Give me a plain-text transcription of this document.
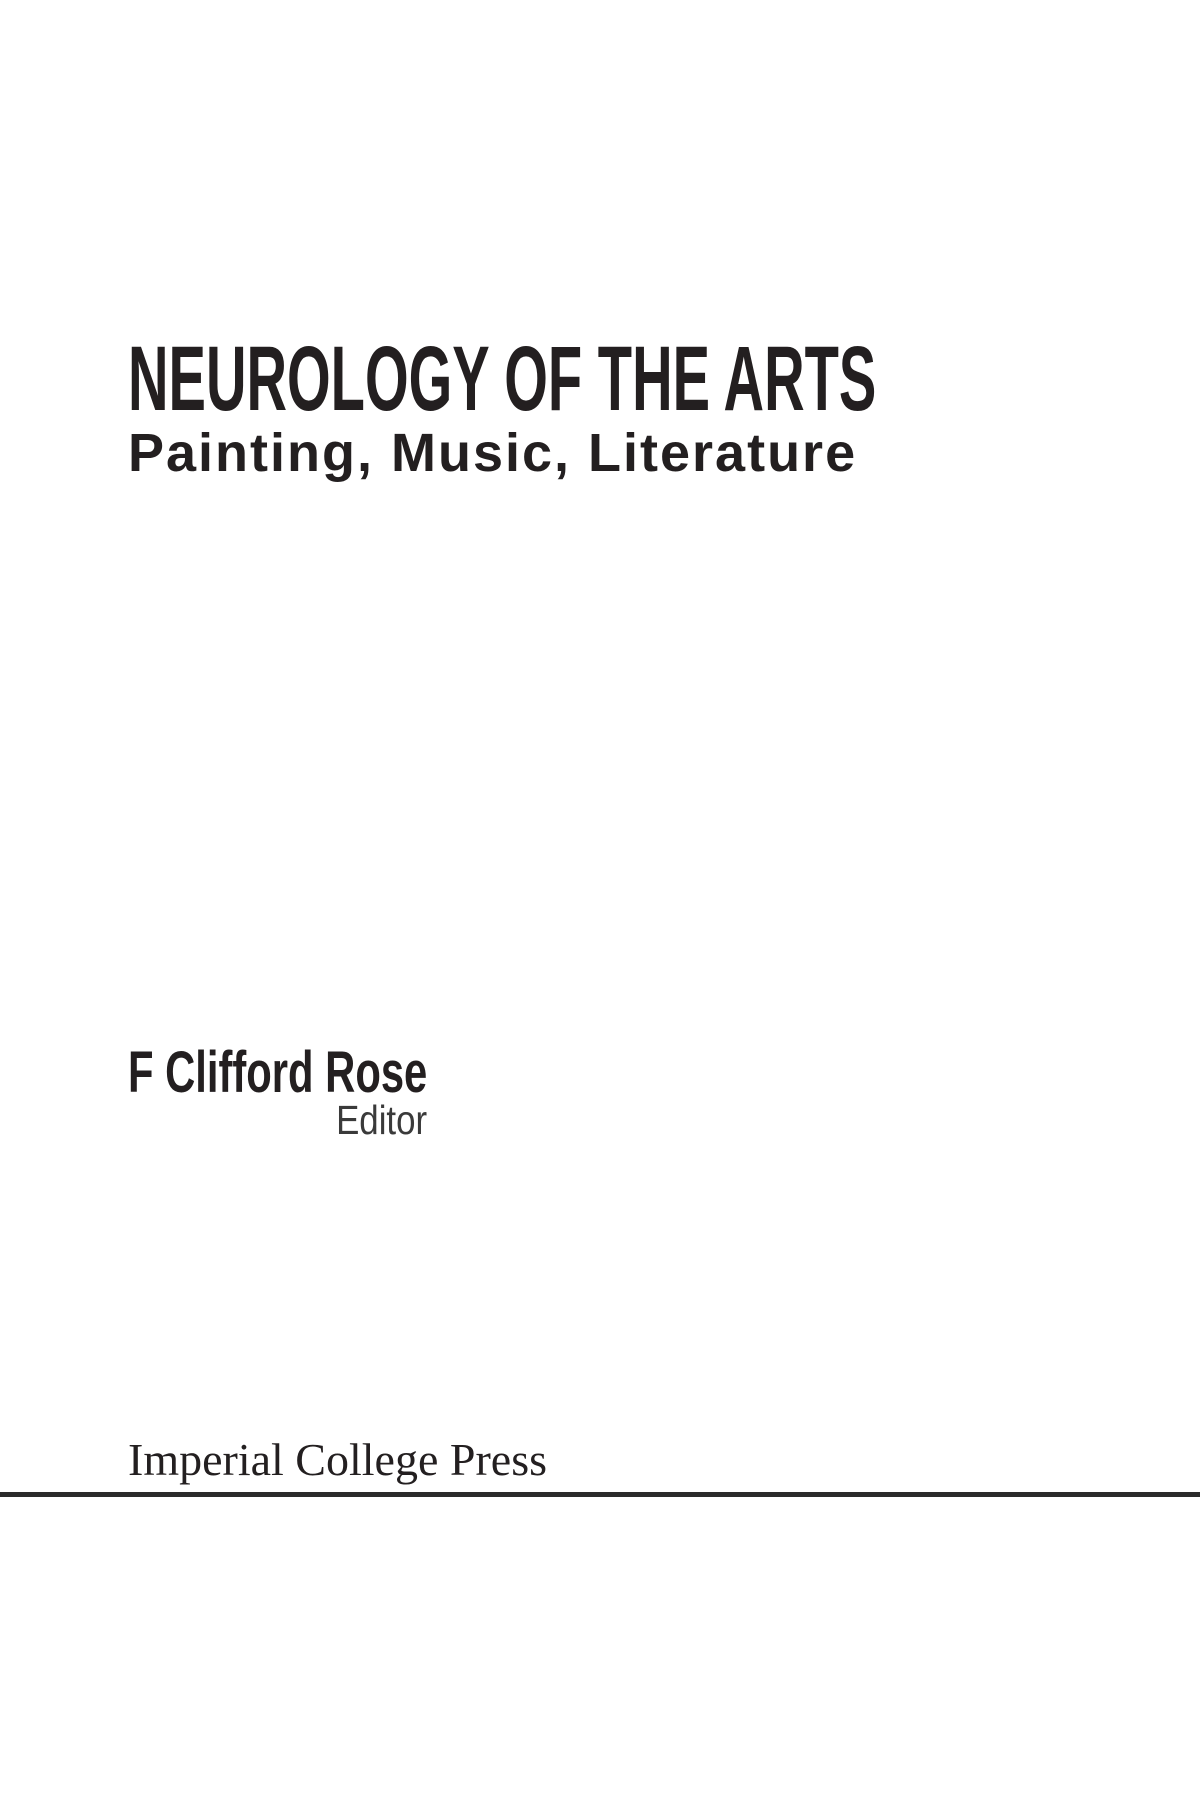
NEUROLOGY OF THE ARTS
Painting, Music, Literature
F Clifford Rose
Editor
Imperial College Press
